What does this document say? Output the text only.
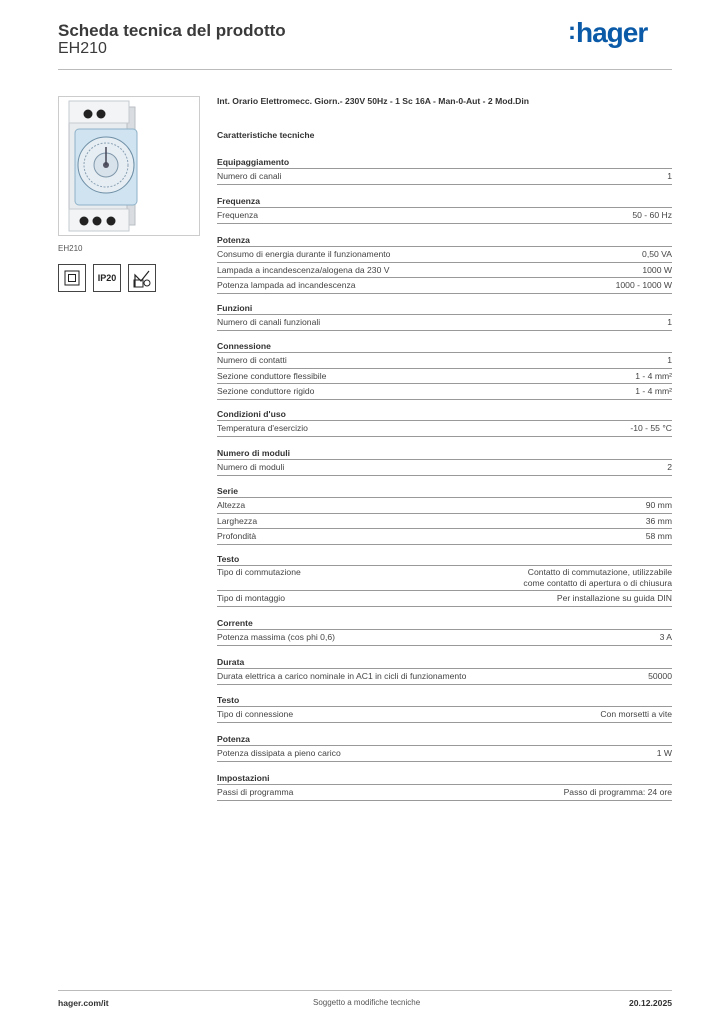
Scheda tecnica del prodotto
EH210
:hager
EH210
IP20
Int. Orario Elettromecc. Giorn.- 230V 50Hz - 1 Sc 16A - Man-0-Aut - 2 Mod.Din
Caratteristiche tecniche
Equipaggiamento
Numero di canali	1
Frequenza
Frequenza	50 - 60 Hz
Potenza
Consumo di energia durante il funzionamento	0,50 VA
Lampada a incandescenza/alogena da 230 V	1000 W
Potenza lampada ad incandescenza	1000 - 1000 W
Funzioni
Numero di canali funzionali	1
Connessione
Numero di contatti	1
Sezione conduttore flessibile	1 - 4 mm²
Sezione conduttore rigido	1 - 4 mm²
Condizioni d'uso
Temperatura d'esercizio	-10 - 55 °C
Numero di moduli
Numero di moduli	2
Serie
Altezza	90 mm
Larghezza	36 mm
Profondità	58 mm
Testo
Tipo di commutazione	Contatto di commutazione, utilizzabile
come contatto di apertura o di chiusura
Tipo di montaggio	Per installazione su guida DIN
Corrente
Potenza massima (cos phi 0,6)	3 A
Durata
Durata elettrica a carico nominale in AC1 in cicli di funzionamento	50000
Testo
Tipo di connessione	Con morsetti a vite
Potenza
Potenza dissipata a pieno carico	1 W
Impostazioni
Passi di programma	Passo di programma: 24 ore
hager.com/it	Soggetto a modifiche tecniche	20.12.2025
